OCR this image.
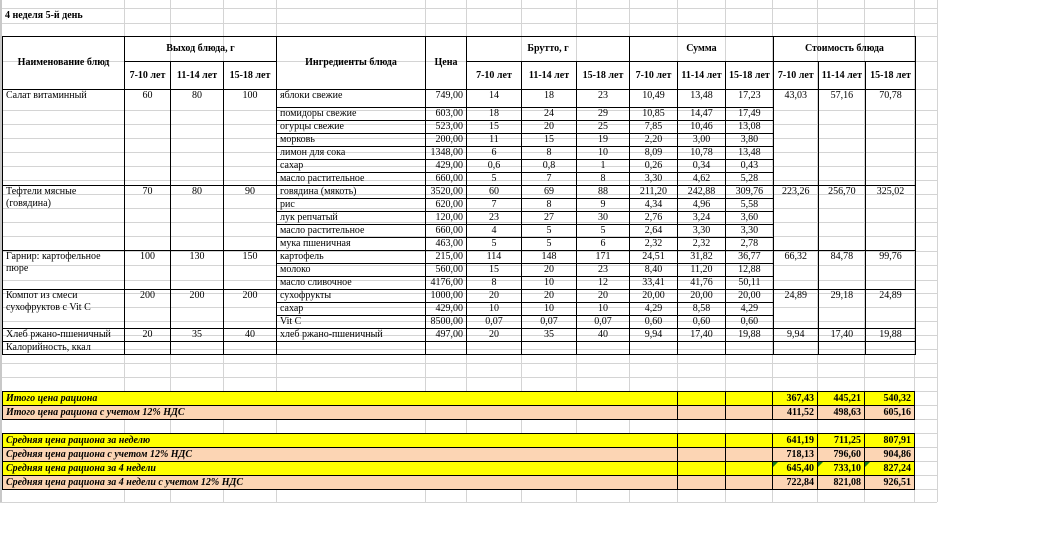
4 неделя 5-й день
Наименование блюд	Выход блюда, г			Ингредиенты блюда	Цена	Брутто, г			Сумма			Стоимость блюда		
	7-10 лет	11-14 лет	15-18 лет			7-10 лет	11-14 лет	15-18 лет	7-10 лет	11-14 лет	15-18 лет	7-10 лет	11-14 лет	15-18 лет
Салат витаминный	60	80	100	яблоки свежие	749,00	14	18	23	10,49	13,48	17,23	43,03	57,16	70,78
				помидоры свежие	603,00	18	24	29	10,85	14,47	17,49			
				огурцы свежие	523,00	15	20	25	7,85	10,46	13,08			
				морковь	200,00	11	15	19	2,20	3,00	3,80			
				лимон для сока	1348,00	6	8	10	8,09	10,78	13,48			
				сахар	429,00	0,6	0,8	1	0,26	0,34	0,43			
				масло растительное	660,00	5	7	8	3,30	4,62	5,28			
Тефтели мясные (говядина)	70	80	90	говядина (мякоть)	3520,00	60	69	88	211,20	242,88	309,76	223,26	256,70	325,02
				рис	620,00	7	8	9	4,34	4,96	5,58			
				лук репчатый	120,00	23	27	30	2,76	3,24	3,60			
				масло растительное	660,00	4	5	5	2,64	3,30	3,30			
				мука пшеничная	463,00	5	5	6	2,32	2,32	2,78			
Гарнир: картофельное пюре	100	130	150	картофель	215,00	114	148	171	24,51	31,82	36,77	66,32	84,78	99,76
				молоко	560,00	15	20	23	8,40	11,20	12,88			
				масло сливочное	4176,00	8	10	12	33,41	41,76	50,11			
Компот из смеси сухофруктов с Vit C	200	200	200	сухофрукты	1000,00	20	20	20	20,00	20,00	20,00	24,89	29,18	24,89
				сахар	429,00	10	10	10	4,29	8,58	4,29			
				Vit C	8500,00	0,07	0,07	0,07	0,60	0,60	0,60			
Хлеб ржано-пшеничный	20	35	40	хлеб ржано-пшеничный	497,00	20	35	40	9,94	17,40	19,88	9,94	17,40	19,88
Калорийность, ккал														
Итого цена рациона			367,43	445,21	540,32
Итого цена рациона с учетом 12% НДС			411,52	498,63	605,16

Средняя цена рациона за неделю			641,19	711,25	807,91
Средняя цена рациона с учетом 12% НДС			718,13	796,60	904,86
Средняя цена рациона за 4 недели			645,40	733,10	827,24
Средняя цена рациона за 4 недели с учетом 12% НДС			722,84	821,08	926,51
